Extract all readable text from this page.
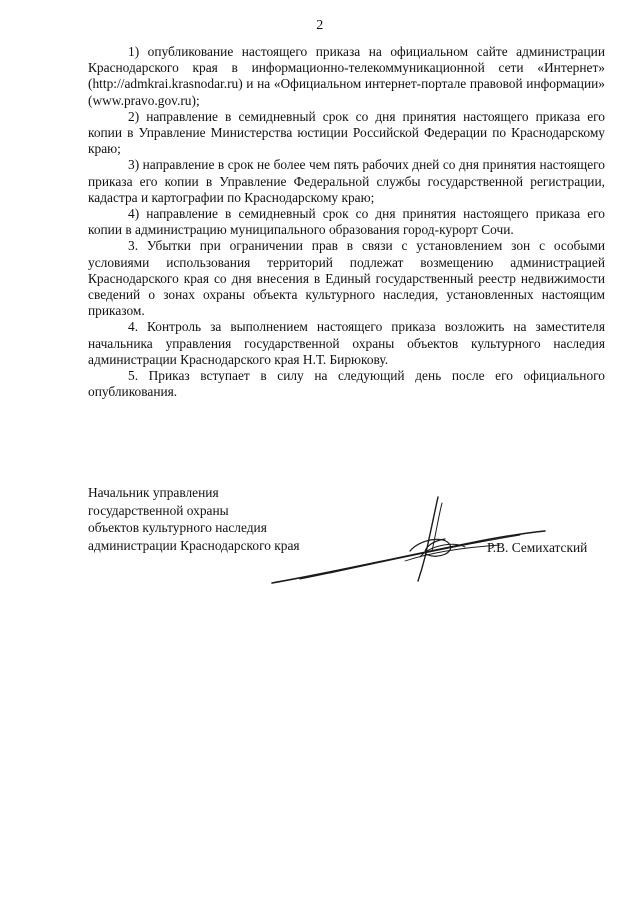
2

1) опубликование настоящего приказа на официальном сайте администрации Краснодарского края в информационно-телекоммуникационной сети «Интернет» (http://admkrai.krasnodar.ru) и на «Официальном интернет-портале правовой информации» (www.pravo.gov.ru);

2) направление в семидневный срок со дня принятия настоящего приказа его копии в Управление Министерства юстиции Российской Федерации по Краснодарскому краю;

3) направление в срок не более чем пять рабочих дней со дня принятия настоящего приказа его копии в Управление Федеральной службы государственной регистрации, кадастра и картографии по Краснодарскому краю;

4) направление в семидневный срок со дня принятия настоящего приказа его копии в администрацию муниципального образования город-курорт Сочи.

3. Убытки при ограничении прав в связи с установлением зон с особыми условиями использования территорий подлежат возмещению администрацией Краснодарского края со дня внесения в Единый государственный реестр недвижимости сведений о зонах охраны объекта культурного наследия, установленных настоящим приказом.

4. Контроль за выполнением настоящего приказа возложить на заместителя начальника управления государственной охраны объектов культурного наследия администрации Краснодарского края Н.Т. Бирюкову.

5. Приказ вступает в силу на следующий день после его официального опубликования.

Начальник управления
государственной охраны
объектов культурного наследия
администрации Краснодарского края	Р.В. Семихатский
